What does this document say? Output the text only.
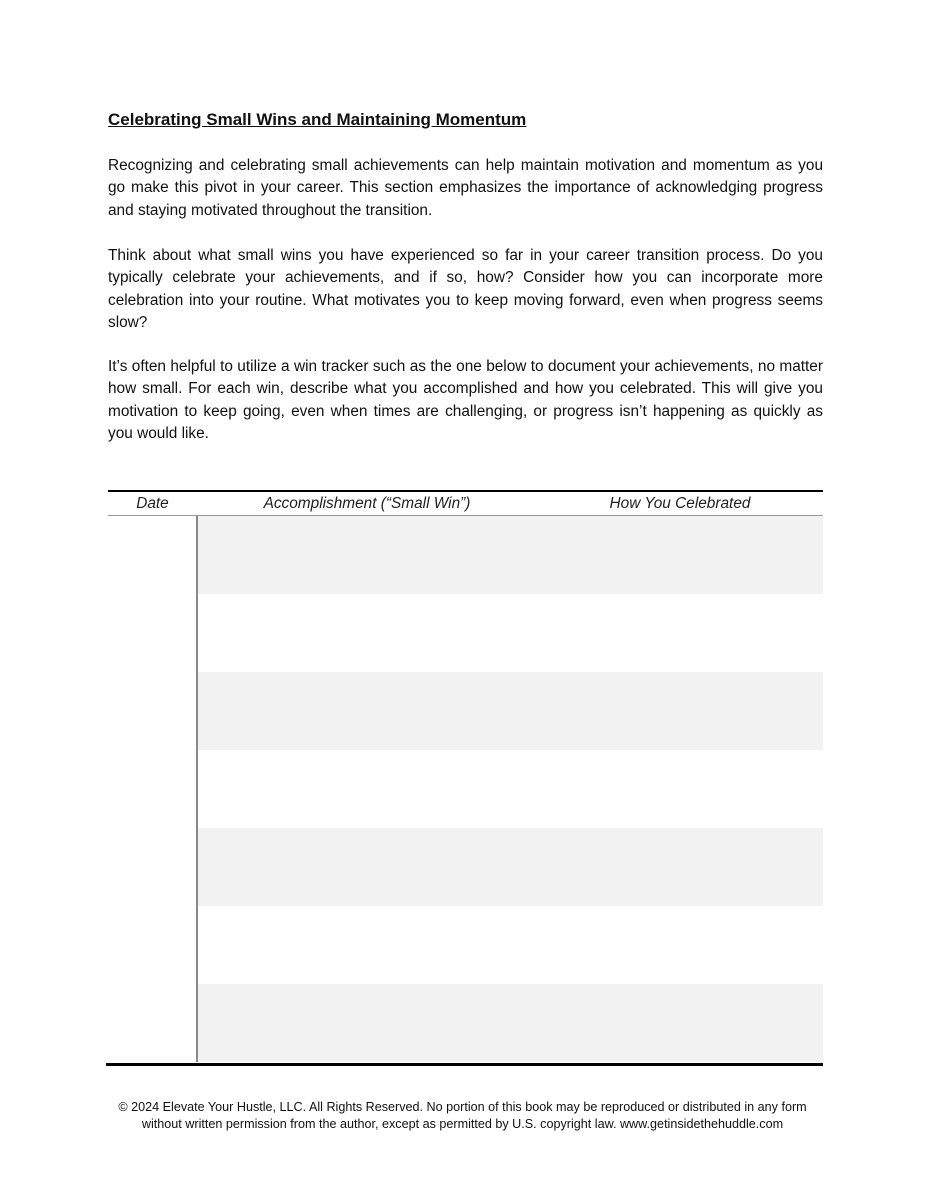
Celebrating Small Wins and Maintaining Momentum

Recognizing and celebrating small achievements can help maintain motivation and momentum as you go make this pivot in your career. This section emphasizes the importance of acknowledging progress and staying motivated throughout the transition.

Think about what small wins you have experienced so far in your career transition process. Do you typically celebrate your achievements, and if so, how? Consider how you can incorporate more celebration into your routine. What motivates you to keep moving forward, even when progress seems slow?

It’s often helpful to utilize a win tracker such as the one below to document your achievements, no matter how small. For each win, describe what you accomplished and how you celebrated. This will give you motivation to keep going, even when times are challenging, or progress isn’t happening as quickly as you would like.

Date	Accomplishment (“Small Win”)	How You Celebrated
© 2024 Elevate Your Hustle, LLC. All Rights Reserved. No portion of this book may be reproduced or distributed in any form
without written permission from the author, except as permitted by U.S. copyright law. www.getinsidethehuddle.com
